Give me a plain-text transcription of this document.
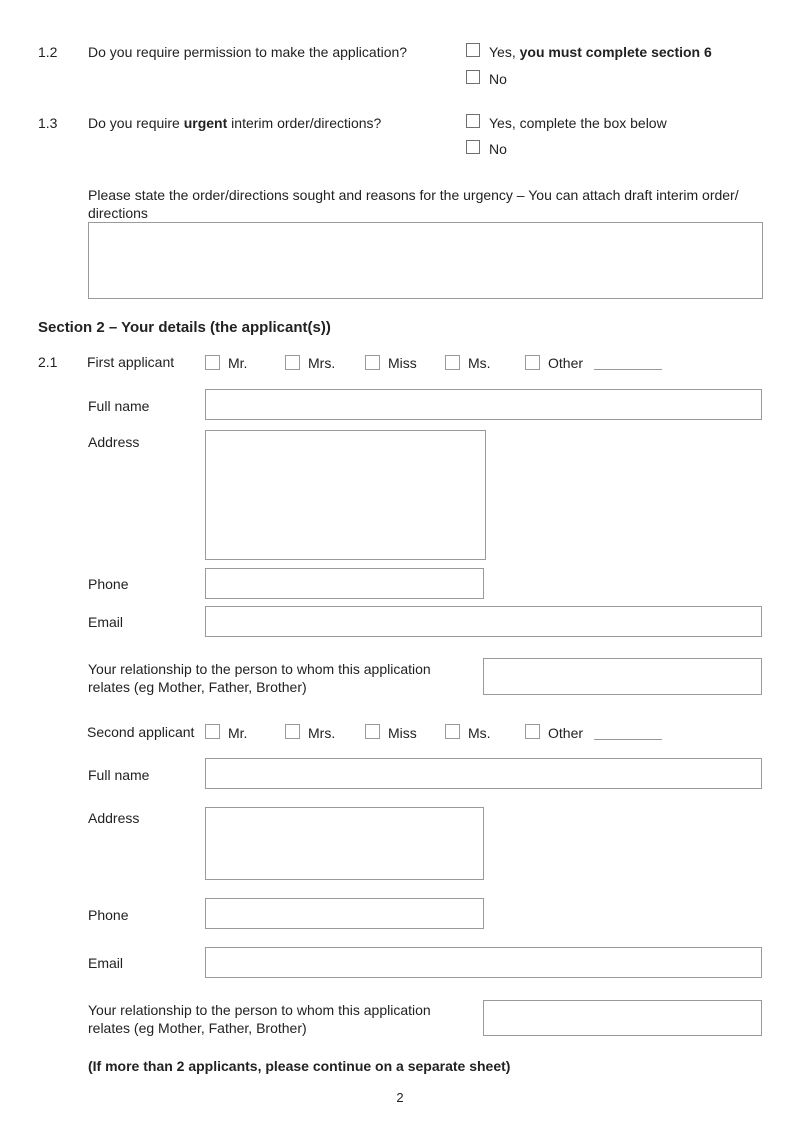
1.2 Do you require permission to make the application?	Yes, you must complete section 6
No
1.3 Do you require urgent interim order/directions?	Yes, complete the box below
No
Please state the order/directions sought and reasons for the urgency – You can attach draft interim order/ directions
Section 2 – Your details (the applicant(s))
2.1 First applicant	Mr.	Mrs.	Miss	Ms.	Other
Full name
Address
Phone
Email
Your relationship to the person to whom this application relates (eg Mother, Father, Brother)
Second applicant Mr.	Mrs.	Miss	Ms.	Other
Full name
Address
Phone
Email
Your relationship to the person to whom this application relates (eg Mother, Father, Brother)
(If more than 2 applicants, please continue on a separate sheet)
2
